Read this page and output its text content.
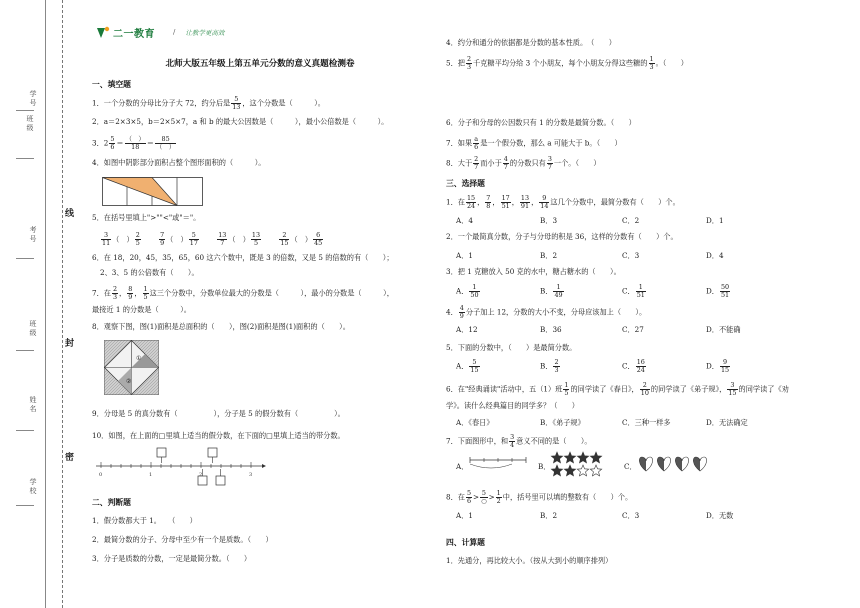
学号
班级
考号
班级
姓名
学校
线
封
密
二一教育	/ 让教学更高效
北师大版五年级上第五单元分数的意义真题检测卷
一、填空题
1．一个分数的分母比分子大 72，约分后是 $\frac{5}{13}$ ，这个分数是（　　　）。
2．a＝2×3×5，b＝2×5×7，a 和 b 的最大公因数是（　　　），最小公倍数是（　　　）。
3．$2 \frac{5}{6} = \frac{( )}{18} = \frac{85}{( )}$
4．如图中阴影部分面积占整个图形面积的（　　　）。
5．在括号里填上">""<"或"＝"。
$\frac{3}{11}$ （　） $\frac{2}{5}$
	$\frac{7}{9}$ （　） $\frac{5}{17}$
	$\frac{13}{7}$ （　） $\frac{13}{5}$
	$\frac{2}{15}$ （　） $\frac{6}{45}$
6．在 18，20，45，35，65，60 这六个数中，既是 3 的倍数，又是 5 的倍数的有（　　）；
2、3、5 的公倍数有（　　）。
7．在 $\frac{2}{3}$ ， $\frac{8}{9}$ ， $\frac{1}{5}$ 这三个分数中，分数单位最大的分数是（　　　），最小的分数是（　　　），
最接近 1 的分数是（　　　）。
8．观察下图，图(1)面积是总面积的（　　），图(2)面积是图(1)面积的（　　）。
①
②
9．分母是 5 的真分数有（　　　　　），分子是 5 的假分数有（　　　　　）。
10．如图，在上面的□里填上适当的假分数，在下面的□里填上适当的带分数。
0	1	2	3
二、判断题
1．假分数都大于 1。　　（　　）
2．最简分数的分子、分母中至少有一个是质数。（　　）
3．分子是质数的分数，一定是最简分数。（　　）
4．约分和通分的依据都是分数的基本性质。　（　　）
5．把 $\frac{2}{3}$ 千克糖平均分给 3 个小朋友，每个小朋友分得这些糖的 $\frac{1}{3}$ 。（　　）
6．分子和分母的公因数只有 1 的分数是最简分数。（　　）
7．如果 $\frac{a}{6}$ 是一个假分数，那么 a 可能大于 b。（　　）
8．大于 $\frac{2}{7}$ 而小于 $\frac{4}{7}$ 的分数只有 $\frac{3}{7}$ 一个。（　　）
三、选择题
1．在 $\frac{15}{24}$ ， $\frac{7}{8}$ ， $\frac{17}{51}$ ， $\frac{13}{91}$ ， $\frac{9}{14}$ 这几个分数中，最简分数有（　　）个。
A．4	B．3	C．2	D．1
2．一个最简真分数，分子与分母的积是 36，这样的分数有（　　）个。
A．1	B．2	C．3	D．4
3．把 1 克糖放入 50 克的水中，糖占糖水的（　　）。
A． $\frac{1}{50}$	B． $\frac{1}{49}$	C． $\frac{1}{51}$	D． $\frac{50}{51}$
4． $\frac{4}{9}$ 分子加上 12，分数的大小不变，分母应该加上（　　）。
A．12	B．36	C．27	D．不能确
5．下面的分数中，（　　）是最简分数。
A． $\frac{5}{15}$	B． $\frac{2}{3}$	C． $\frac{16}{24}$	D． $\frac{9}{15}$
6．在"经典诵读"活动中，五（1）班 $\frac{1}{5}$ 的同学读了《春日》， $\frac{2}{10}$ 的同学读了《弟子规》， $\frac{3}{15}$ 的同学读了《劝
学》。读什么经典篇目的同学多？（　　）
A．《春日》	B．《弟子规》	C．三种一样多	D．无法确定
7．下面图形中，和 $\frac{3}{4}$ 意义不同的是（　　）。
A．	B．	C．
8．在 $\frac{5}{6} > \frac{5}{○} > \frac{1}{2}$ 中，括号里可以填的整数有（　　）个。
A．1	B．2	C．3	D．无数
四、计算题
1．先通分，再比较大小。（按从大到小的顺序排列）
